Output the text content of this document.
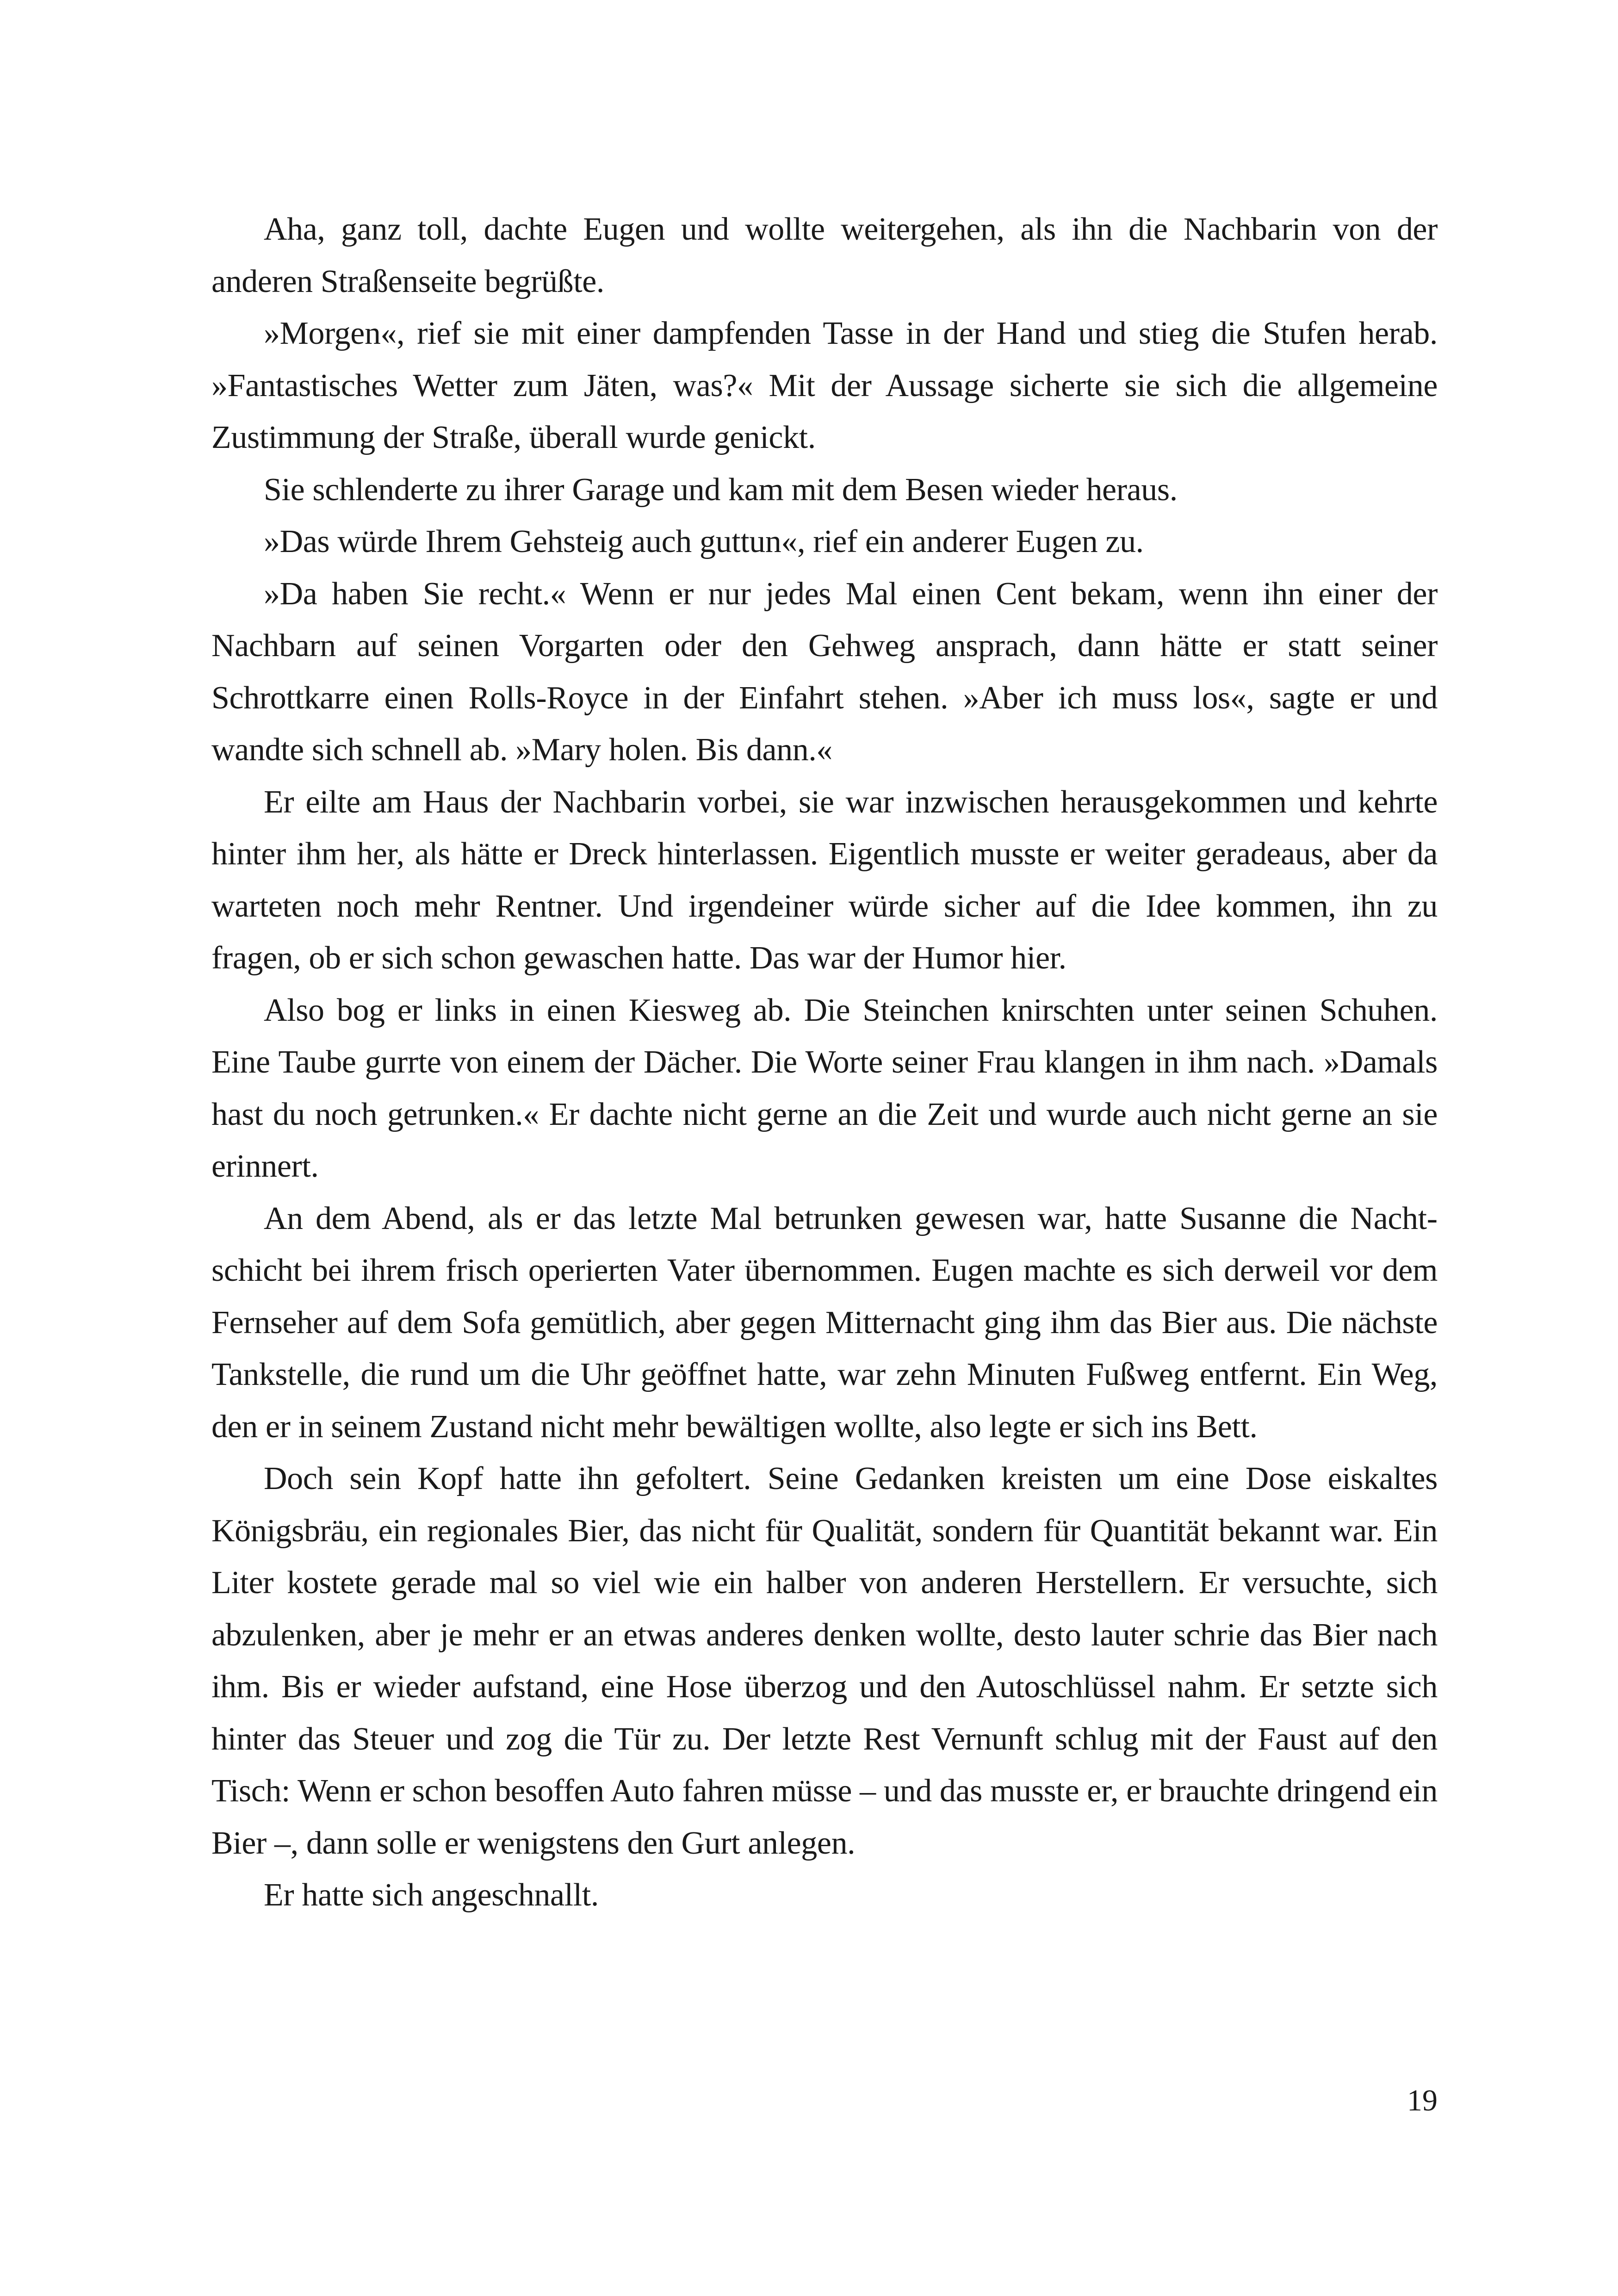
Aha, ganz toll, dachte Eugen und wollte weitergehen, als ihn die Nachbarin von der anderen Straßenseite begrüßte.

»Morgen«, rief sie mit einer dampfenden Tasse in der Hand und stieg die Stufen herab. »Fantastisches Wetter zum Jäten, was?« Mit der Aussage sicherte sie sich die allgemeine Zustimmung der Straße, überall wurde genickt.

Sie schlenderte zu ihrer Garage und kam mit dem Besen wieder heraus.

»Das würde Ihrem Gehsteig auch guttun«, rief ein anderer Eugen zu.

»Da haben Sie recht.« Wenn er nur jedes Mal einen Cent bekam, wenn ihn einer der Nachbarn auf seinen Vorgarten oder den Gehweg ansprach, dann hätte er statt seiner Schrottkarre einen Rolls-Royce in der Einfahrt stehen. »Aber ich muss los«, sagte er und wandte sich schnell ab. »Mary holen. Bis dann.«

Er eilte am Haus der Nachbarin vorbei, sie war inzwischen herausgekommen und kehrte hinter ihm her, als hätte er Dreck hinterlassen. Eigentlich musste er weiter geradeaus, aber da warteten noch mehr Rentner. Und irgendeiner würde sicher auf die Idee kommen, ihn zu fragen, ob er sich schon gewaschen hatte. Das war der Humor hier.

Also bog er links in einen Kiesweg ab. Die Steinchen knirschten unter seinen Schuhen. Eine Taube gurrte von einem der Dächer. Die Worte seiner Frau klangen in ihm nach. »Damals hast du noch getrunken.« Er dachte nicht gerne an die Zeit und wurde auch nicht gerne an sie erinnert.

An dem Abend, als er das letzte Mal betrunken gewesen war, hatte Susanne die Nachtschicht bei ihrem frisch operierten Vater übernommen. Eugen machte es sich derweil vor dem Fernseher auf dem Sofa gemütlich, aber gegen Mitternacht ging ihm das Bier aus. Die nächste Tankstelle, die rund um die Uhr geöffnet hatte, war zehn Minuten Fußweg entfernt. Ein Weg, den er in seinem Zustand nicht mehr bewältigen wollte, also legte er sich ins Bett.

Doch sein Kopf hatte ihn gefoltert. Seine Gedanken kreisten um eine Dose eiskaltes Königsbräu, ein regionales Bier, das nicht für Qualität, sondern für Quantität bekannt war. Ein Liter kostete gerade mal so viel wie ein halber von anderen Herstellern. Er versuchte, sich abzulenken, aber je mehr er an etwas anderes denken wollte, desto lauter schrie das Bier nach ihm. Bis er wieder aufstand, eine Hose überzog und den Autoschlüssel nahm. Er setzte sich hinter das Steuer und zog die Tür zu. Der letzte Rest Vernunft schlug mit der Faust auf den Tisch: Wenn er schon besoffen Auto fahren müsse – und das musste er, er brauchte dringend ein Bier –, dann solle er wenigstens den Gurt anlegen.

Er hatte sich angeschnallt.

19
